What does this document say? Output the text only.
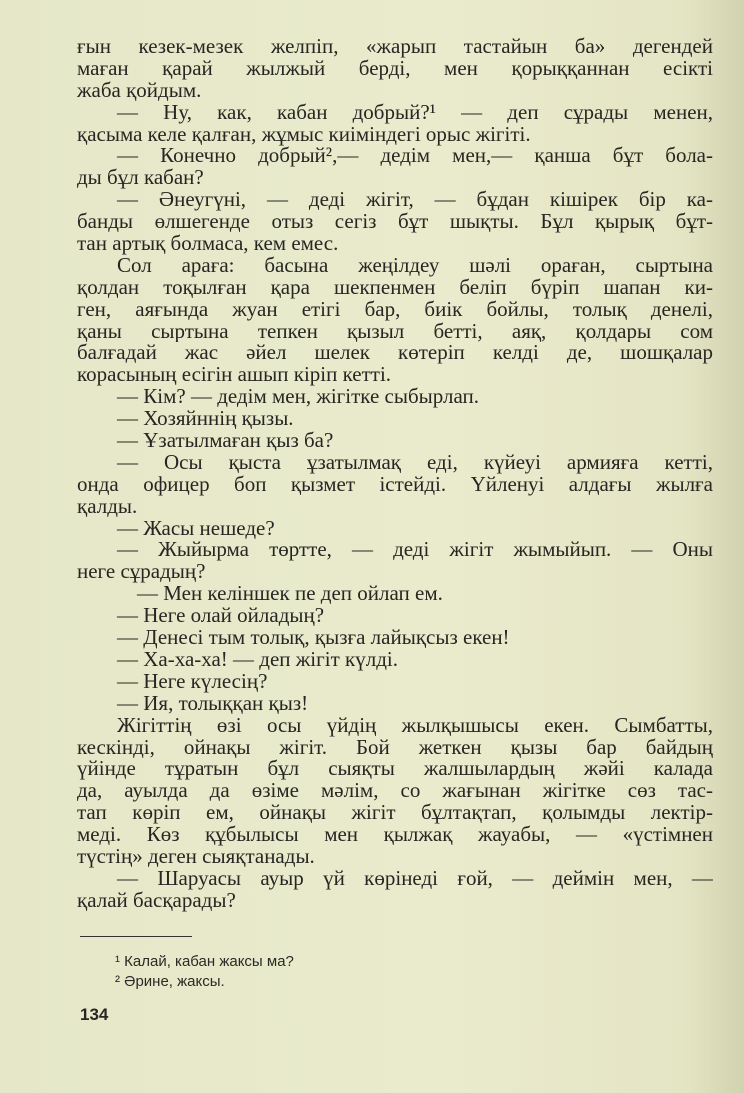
ғын кезек-мезек желпіп, «жарып тастайын ба» дегендей
маған қарай жылжый берді, мен қорыққаннан есікті
жаба қойдым.
— Ну, как, кабан добрый?¹ — деп сұрады менен,
қасыма келе қалған, жұмыс киіміндегі орыс жігіті.
— Конечно добрый²,— дедім мен,— қанша бұт бола-
ды бұл кабан?
— Әнеугүні, — деді жігіт, — бұдан кішірек бір ка-
банды өлшегенде отыз сегіз бұт шықты. Бұл қырық бұт-
тан артық болмаса, кем емес.
Сол арағa: басына жеңілдеу шәлі ораған, сыртына
қолдан тоқылған қара шекпенмен беліп бүріп шапан ки-
ген, аяғында жуан етігі бар, биік бойлы, толық денелі,
қаны сыртына тепкен қызыл бетті, аяқ, қолдары сом
балғадай жас әйел шелек көтеріп келді де, шошқалар
корасының есігін ашып кіріп кетті.
— Кім? — дедім мен, жігітке сыбырлап.
— Хозяйннің қызы.
— Ұзатылмаған қыз ба?
— Осы қыста ұзатылмақ еді, күйеуі армияға кетті,
онда офицер боп қызмет істейді. Үйленуі алдағы жылға
қалды.
— Жасы нешеде?
— Жыйырма төртте, — деді жігіт жымыйып. — Оны
неге сұрадың?
— Мен келіншек пе деп ойлап ем.
— Неге олай ойладың?
— Денесі тым толық, қызға лайықсыз екен!
— Ха-ха-ха! — деп жігіт күлді.
— Неге күлесің?
— Ия, толыққан қыз!
Жігіттің өзі осы үйдің жылқышысы екен. Сымбатты,
кескінді, ойнақы жігіт. Бой жеткен қызы бар байдың
үйінде тұратын бұл сыяқты жалшылардың жәйі калада
да, ауылда да өзіме мәлім, со жағынан жігітке сөз тас-
тап көріп ем, ойнақы жігіт бұлтақтап, қолымды лектір-
меді. Көз құбылысы мен қылжақ жауабы, — «үстімнен
түстің» деген сыяқтанады.
— Шаруасы ауыр үй көрінеді ғой, — деймін мен, —
қалай басқарады?
¹ Калай, кабан жаксы ма?
² Әрине, жаксы.
134
